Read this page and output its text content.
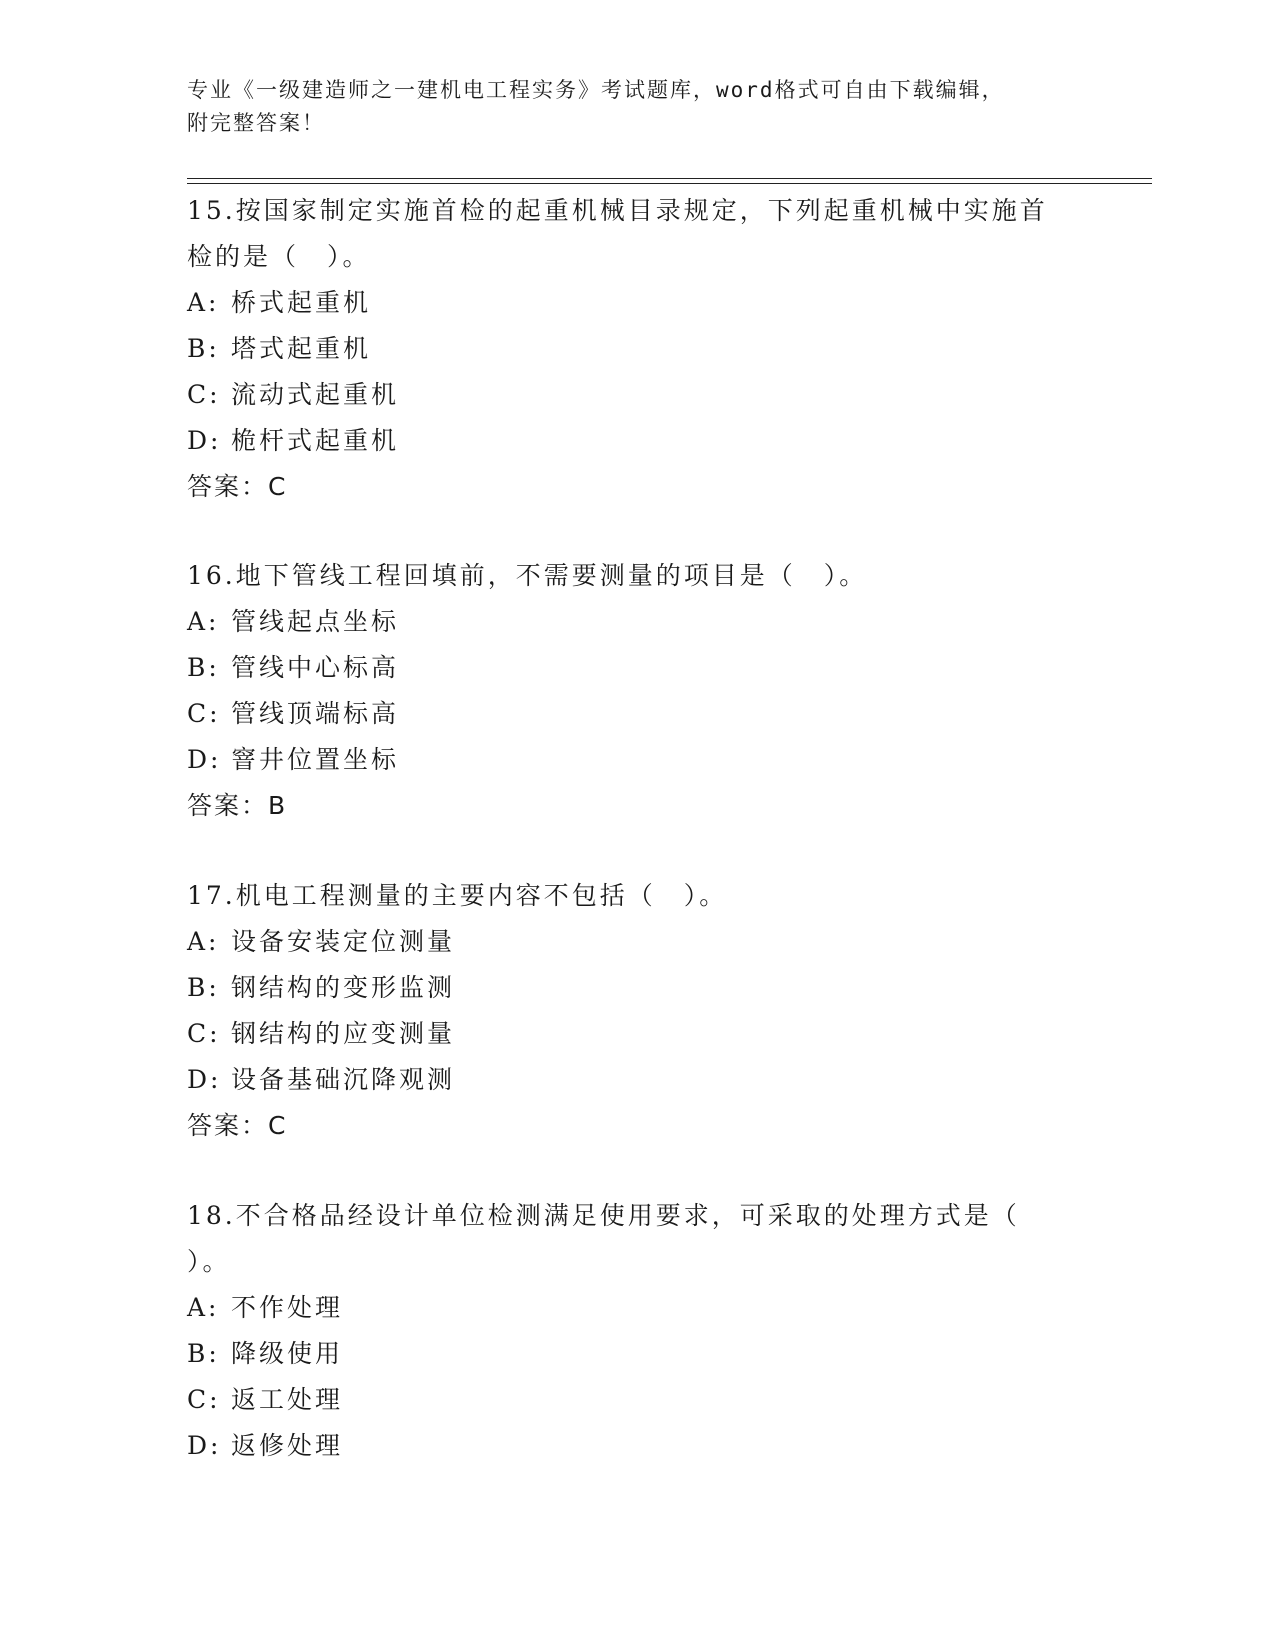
专业《一级建造师之一建机电工程实务》考试题库，word格式可自由下载编辑，
附完整答案！
15.按国家制定实施首检的起重机械目录规定，下列起重机械中实施首
检的是（　）。
A: 桥式起重机
B: 塔式起重机
C: 流动式起重机
D: 桅杆式起重机
答案：C
16.地下管线工程回填前，不需要测量的项目是（　）。
A: 管线起点坐标
B: 管线中心标高
C: 管线顶端标高
D: 窨井位置坐标
答案：B
17.机电工程测量的主要内容不包括（　）。
A: 设备安装定位测量
B: 钢结构的变形监测
C: 钢结构的应变测量
D: 设备基础沉降观测
答案：C
18.不合格品经设计单位检测满足使用要求，可采取的处理方式是（
）。
A: 不作处理
B: 降级使用
C: 返工处理
D: 返修处理
